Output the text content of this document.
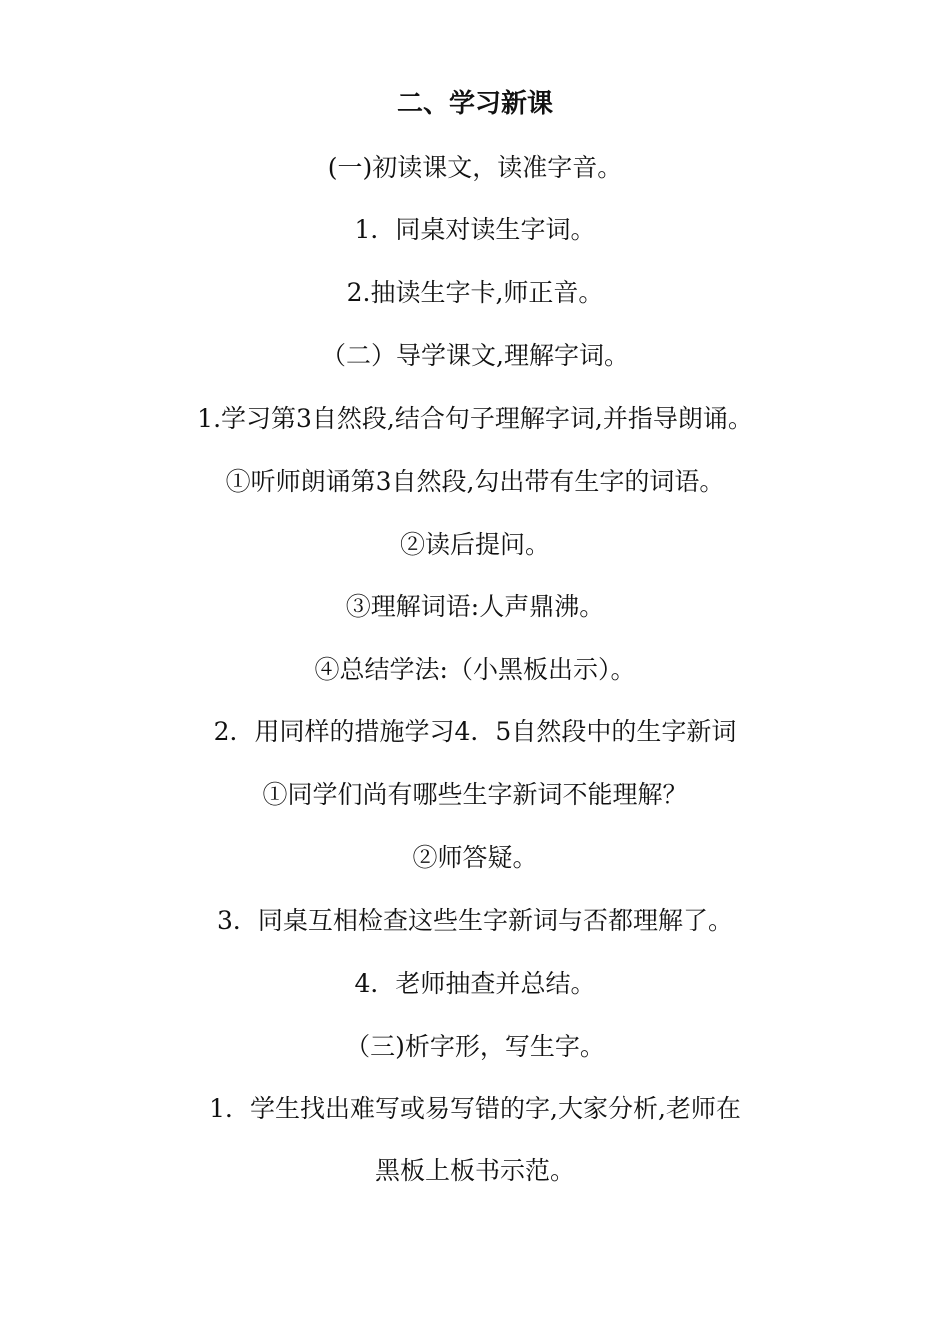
二、学习新课
(一)初读课文，读准字音。
1．同桌对读生字词。
2.抽读生字卡,师正音。
（二）导学课文,理解字词。
1.学习第3自然段,结合句子理解字词,并指导朗诵。
①听师朗诵第3自然段,勾出带有生字的词语。
②读后提问。
③理解词语:人声鼎沸。
④总结学法:（小黑板出示）。
2．用同样的措施学习4．5自然段中的生字新词
①同学们尚有哪些生字新词不能理解？
②师答疑。
3．同桌互相检查这些生字新词与否都理解了。
4．老师抽查并总结。
（三)析字形，写生字。
1．学生找出难写或易写错的字,大家分析,老师在
黑板上板书示范。
